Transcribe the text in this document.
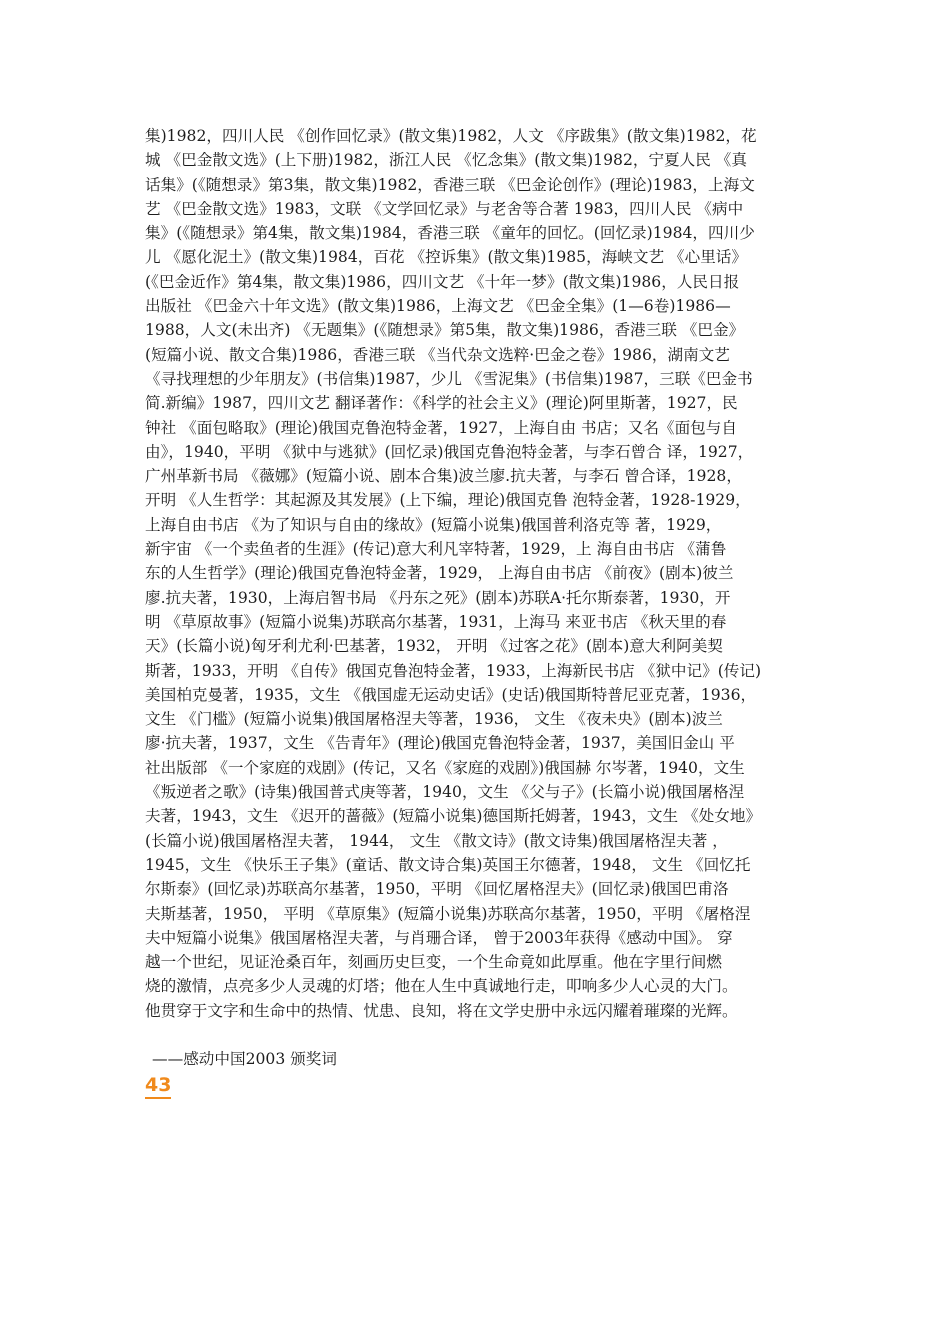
集)1982，四川人民 《创作回忆录》(散文集)1982，人文 《序跋集》(散文集)1982，花
城 《巴金散文选》(上下册)1982，浙江人民 《忆念集》(散文集)1982，宁夏人民 《真
话集》(《随想录》第3集，散文集)1982，香港三联 《巴金论创作》(理论)1983，上海文
艺 《巴金散文选》1983，文联 《文学回忆录》与老舍等合著 1983，四川人民 《病中
集》(《随想录》第4集，散文集)1984，香港三联 《童年的回忆。(回忆录)1984，四川少
儿 《愿化泥土》(散文集)1984，百花 《控诉集》(散文集)1985，海峡文艺 《心里话》
(《巴金近作》第4集，散文集)1986，四川文艺 《十年一梦》(散文集)1986，人民日报
出版社 《巴金六十年文选》(散文集)1986，上海文艺 《巴金全集》(1—6卷)1986—
1988，人文(未出齐) 《无题集》(《随想录》第5集，散文集)1986，香港三联 《巴金》
(短篇小说、散文合集)1986，香港三联 《当代杂文选粹·巴金之卷》1986，湖南文艺
《寻找理想的少年朋友》(书信集)1987，少儿 《雪泥集》(书信集)1987，三联《巴金书
简.新编》1987，四川文艺 翻译著作：《科学的社会主义》(理论)阿里斯著，1927，民
钟社 《面包略取》(理论)俄国克鲁泡特金著，1927，上海自由 书店；又名《面包与自
由》，1940，平明 《狱中与逃狱》(回忆录)俄国克鲁泡特金著，与李石曾合 译，1927，
广州革新书局 《薇娜》(短篇小说、剧本合集)波兰廖.抗夫著，与李石 曾合译，1928，
开明 《人生哲学：其起源及其发展》(上下编，理论)俄国克鲁 泡特金著，1928-1929，
上海自由书店 《为了知识与自由的缘故》(短篇小说集)俄国普利洛克等 著，1929，
新宇宙 《一个卖鱼者的生涯》(传记)意大利凡宰特著，1929，上 海自由书店 《蒲鲁
东的人生哲学》(理论)俄国克鲁泡特金著，1929， 上海自由书店 《前夜》(剧本)彼兰
廖.抗夫著，1930，上海启智书局 《丹东之死》(剧本)苏联A·托尔斯泰著，1930，开
明 《草原故事》(短篇小说集)苏联高尔基著，1931，上海马 来亚书店 《秋天里的春
天》(长篇小说)匈牙利尤利·巴基著，1932， 开明 《过客之花》(剧本)意大利阿美契
斯著，1933，开明 《自传》俄国克鲁泡特金著，1933，上海新民书店 《狱中记》(传记)
美国柏克曼著，1935，文生 《俄国虚无运动史话》(史话)俄国斯特普尼亚克著，1936，
文生 《门槛》(短篇小说集)俄国屠格涅夫等著，1936， 文生 《夜未央》(剧本)波兰
廖·抗夫著，1937，文生 《告青年》(理论)俄国克鲁泡特金著，1937，美国旧金山 平
社出版部 《一个家庭的戏剧》(传记，又名《家庭的戏剧》)俄国赫 尔岑著，1940，文生
《叛逆者之歌》(诗集)俄国普式庚等著，1940，文生 《父与子》(长篇小说)俄国屠格涅
夫著，1943，文生 《迟开的蔷薇》(短篇小说集)德国斯托姆著，1943，文生 《处女地》
(长篇小说)俄国屠格涅夫著， 1944， 文生 《散文诗》(散文诗集)俄国屠格涅夫著 ，
1945，文生 《快乐王子集》(童话、散文诗合集)英国王尔德著，1948， 文生 《回忆托
尔斯泰》(回忆录)苏联高尔基著，1950，平明 《回忆屠格涅夫》(回忆录)俄国巴甫洛
夫斯基著，1950， 平明 《草原集》(短篇小说集)苏联高尔基著，1950，平明 《屠格涅
夫中短篇小说集》俄国屠格涅夫著，与肖珊合译， 曾于2003年获得《感动中国》。 穿
越一个世纪，见证沧桑百年，刻画历史巨变，一个生命竟如此厚重。他在字里行间燃
烧的激情，点亮多少人灵魂的灯塔；他在人生中真诚地行走，叩响多少人心灵的大门。
他贯穿于文字和生命中的热情、忧患、良知，将在文学史册中永远闪耀着璀璨的光辉。
——感动中国2003 颁奖词
43
